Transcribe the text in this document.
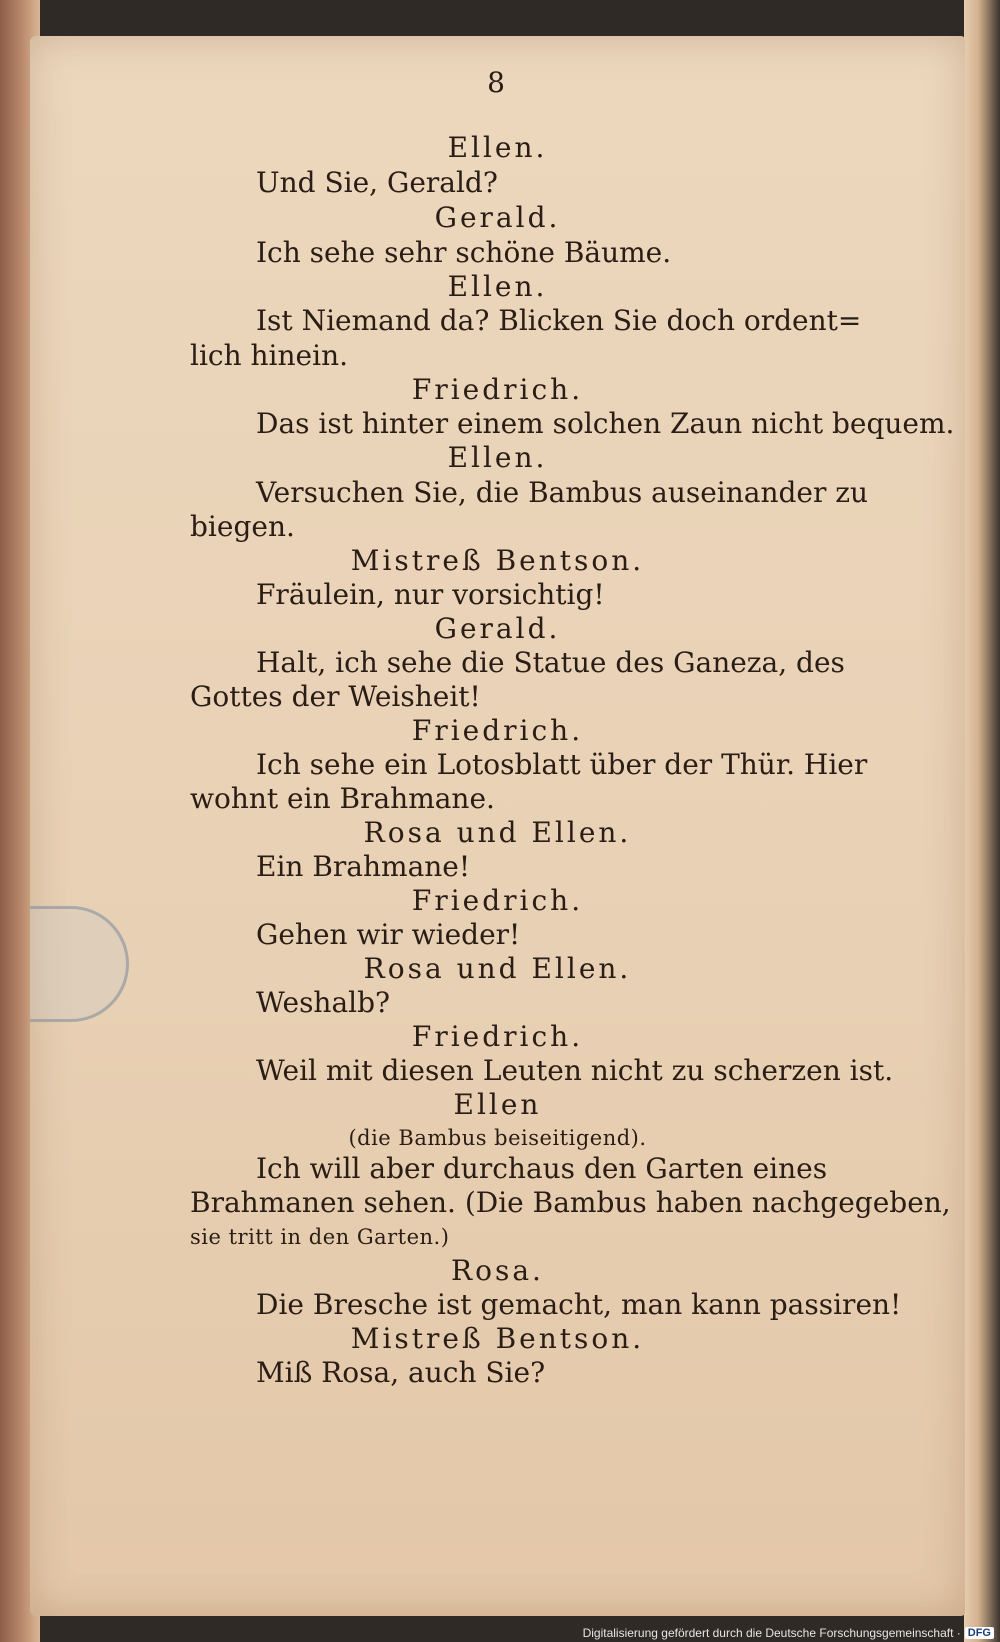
8
Ellen.
Und Sie, Gerald?
Gerald.
Ich sehe sehr schöne Bäume.
Ellen.
Ist Niemand da? Blicken Sie doch ordent=
lich hinein.
Friedrich.
Das ist hinter einem solchen Zaun nicht bequem.
Ellen.
Versuchen Sie, die Bambus auseinander zu
biegen.
Mistreß Bentson.
Fräulein, nur vorsichtig!
Gerald.
Halt, ich sehe die Statue des Ganeza, des
Gottes der Weisheit!
Friedrich.
Ich sehe ein Lotosblatt über der Thür. Hier
wohnt ein Brahmane.
Rosa und Ellen.
Ein Brahmane!
Friedrich.
Gehen wir wieder!
Rosa und Ellen.
Weshalb?
Friedrich.
Weil mit diesen Leuten nicht zu scherzen ist.
Ellen
(die Bambus beiseitigend).
Ich will aber durchaus den Garten eines
Brahmanen sehen. (Die Bambus haben nachgegeben,
sie tritt in den Garten.)
Rosa.
Die Bresche ist gemacht, man kann passiren!
Mistreß Bentson.
Miß Rosa, auch Sie?
Digitalisierung gefördert durch die Deutsche Forschungsgemeinschaft · DFG
